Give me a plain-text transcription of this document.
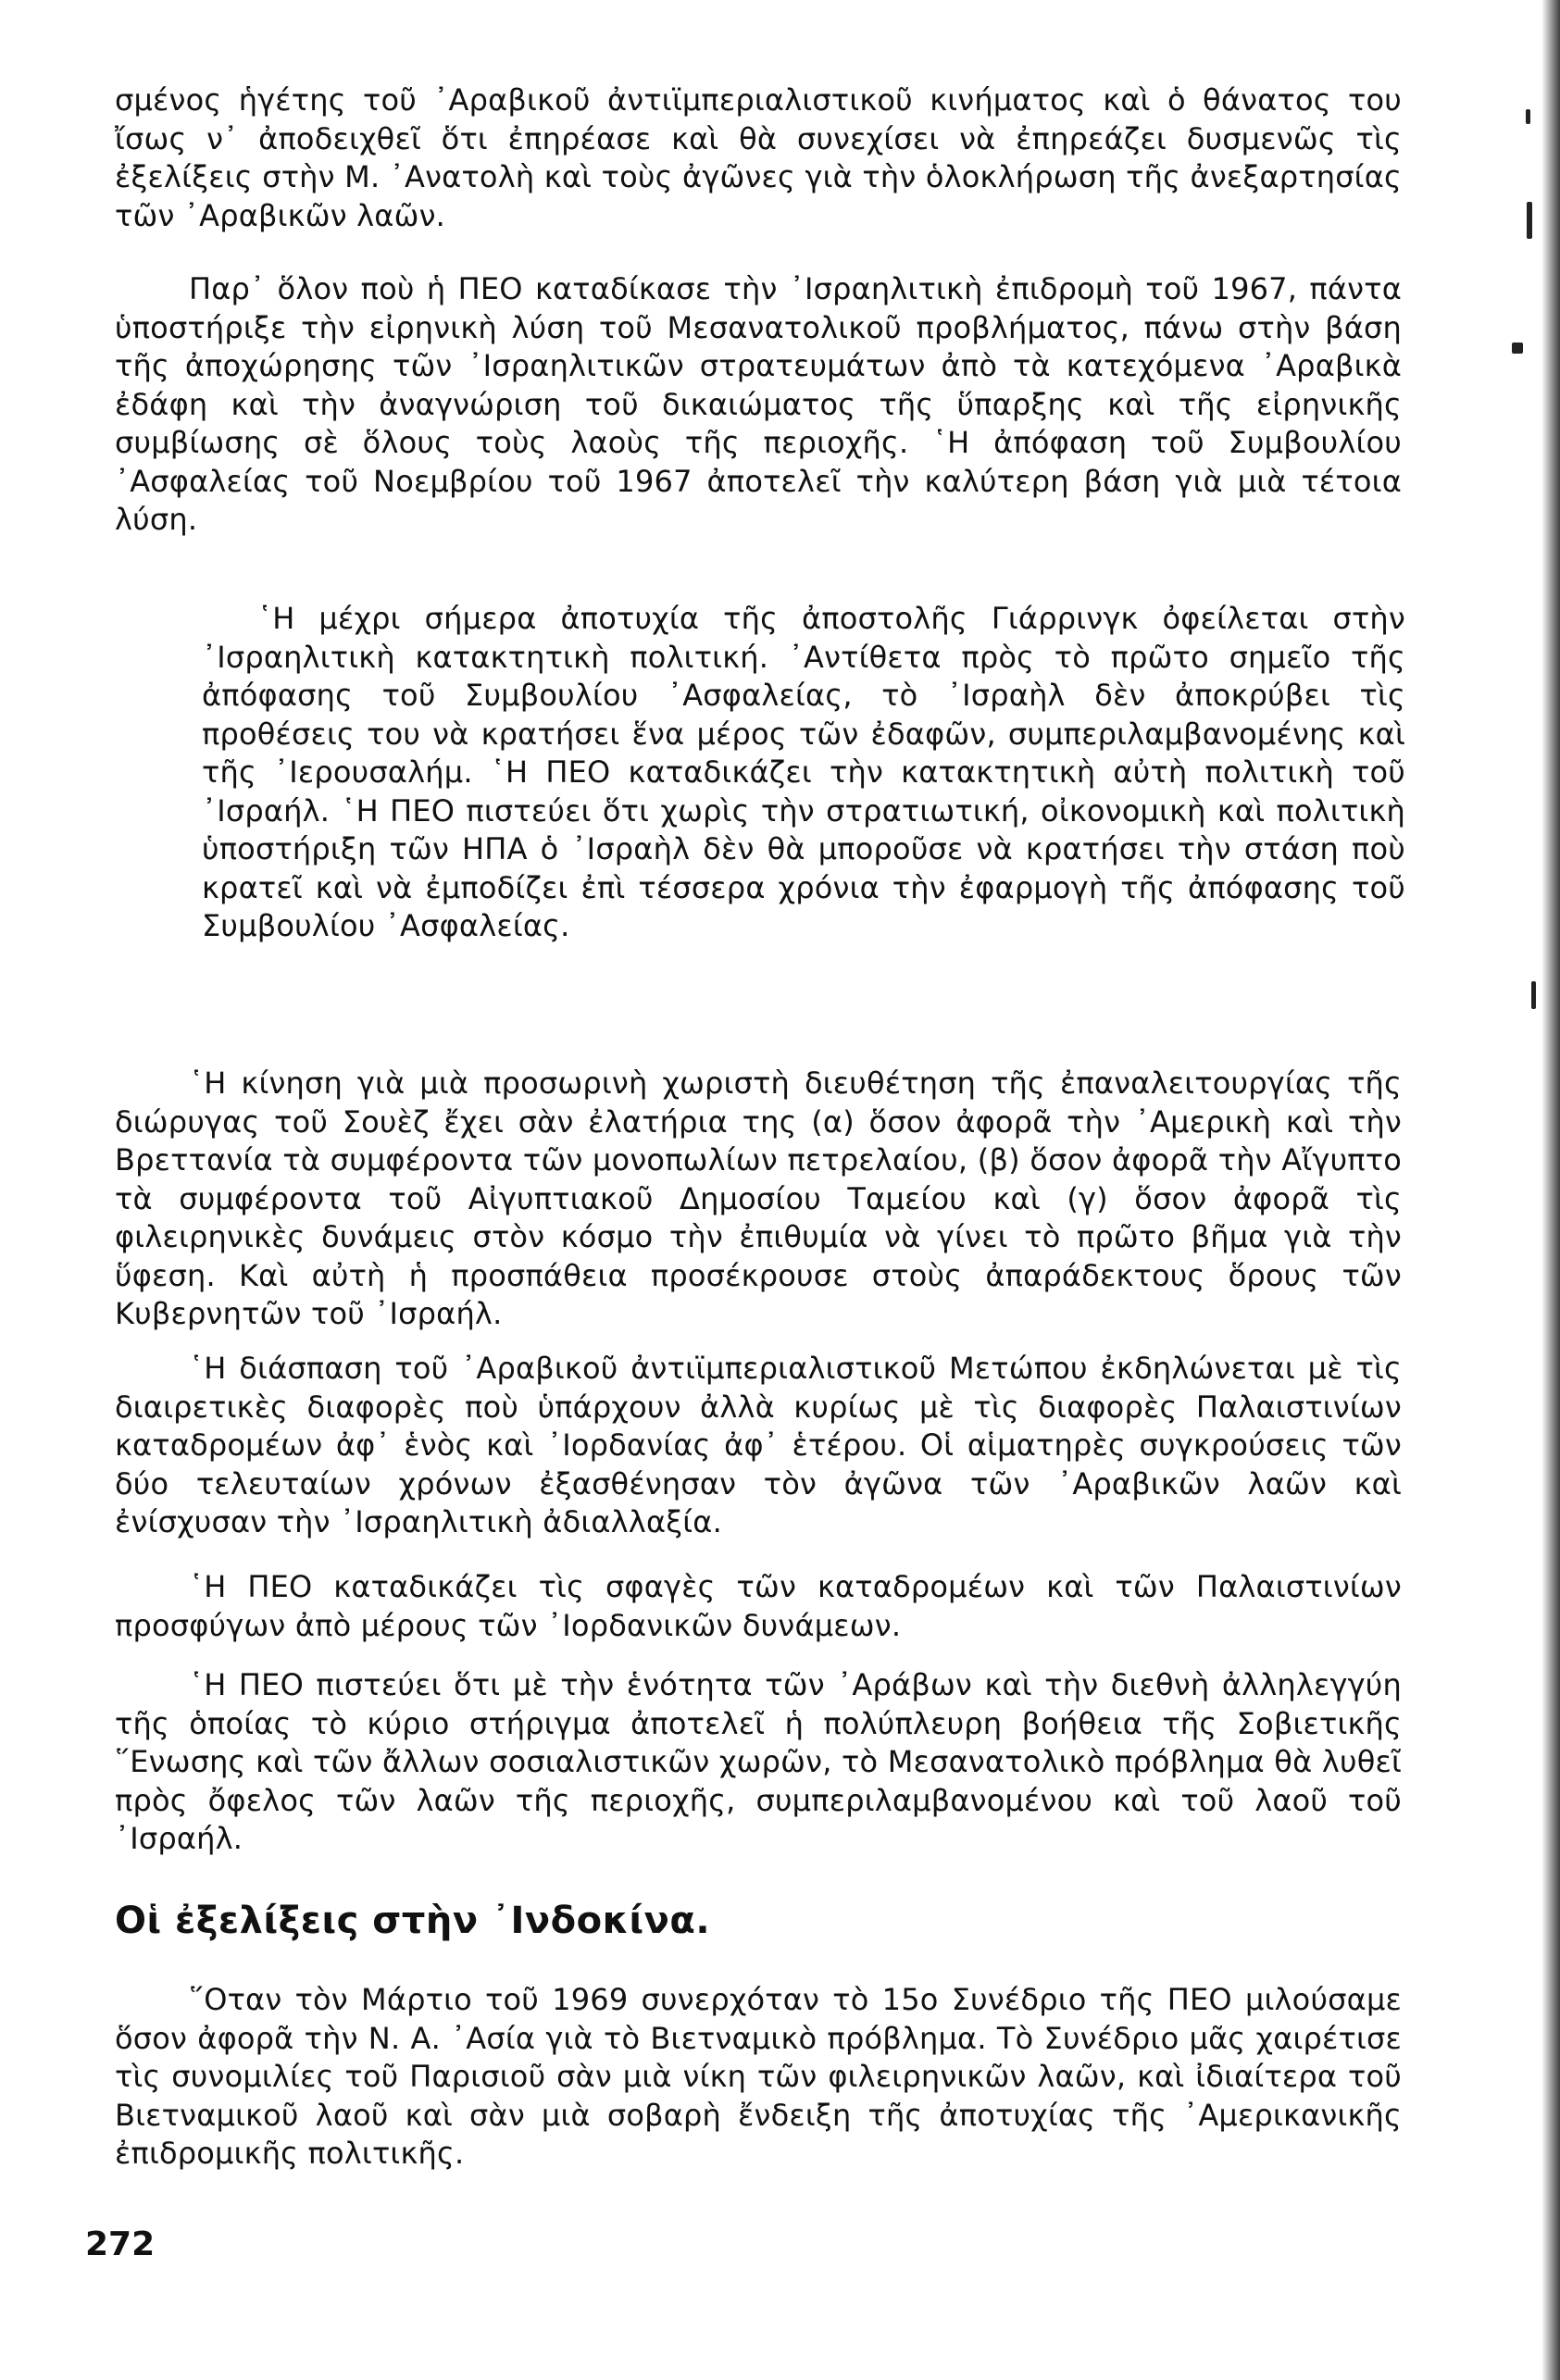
σμένος ἡγέτης τοῦ ᾿Αραβικοῦ ἀντιϊμπεριαλιστικοῦ κινήματος καὶ ὁ θάνατος του ἴσως ν᾿ ἀποδειχθεῖ ὅτι ἐπηρέασε καὶ θὰ συνεχίσει νὰ ἐπηρεάζει δυσμενῶς τὶς ἐξελίξεις στὴν Μ. ᾿Ανατολὴ καὶ τοὺς ἀγῶνες γιὰ τὴν ὁλοκλήρωση τῆς ἀνεξαρτησίας τῶν ᾿Αραβικῶν λαῶν.

Παρ᾿ ὅλον ποὺ ἡ ΠΕΟ καταδίκασε τὴν ᾿Ισραηλιτικὴ ἐπιδρομὴ τοῦ 1967, πάντα ὑποστήριξε τὴν εἰρηνικὴ λύση τοῦ Μεσανατολικοῦ προβλήματος, πάνω στὴν βάση τῆς ἀποχώρησης τῶν ᾿Ισραηλιτικῶν στρατευμάτων ἀπὸ τὰ κατεχόμενα ᾿Αραβικὰ ἐδάφη καὶ τὴν ἀναγνώριση τοῦ δικαιώματος τῆς ὕπαρξης καὶ τῆς εἰρηνικῆς συμβίωσης σὲ ὅλους τοὺς λαοὺς τῆς περιοχῆς. ῾Η ἀπόφαση τοῦ Συμβουλίου ᾿Ασφαλείας τοῦ Νοεμβρίου τοῦ 1967 ἀποτελεῖ τὴν καλύτερη βάση γιὰ μιὰ τέτοια λύση.

῾Η μέχρι σήμερα ἀποτυχία τῆς ἀποστολῆς Γιάρρινγκ ὀφείλεται στὴν ᾿Ισραηλιτικὴ κατακτητικὴ πολιτική. ᾿Αντίθετα πρὸς τὸ πρῶτο σημεῖο τῆς ἀπόφασης τοῦ Συμβουλίου ᾿Ασφαλείας, τὸ ᾿Ισραὴλ δὲν ἀποκρύβει τὶς προθέσεις του νὰ κρατήσει ἕνα μέρος τῶν ἐδαφῶν, συμπεριλαμβανομένης καὶ τῆς ᾿Ιερουσαλήμ. ῾Η ΠΕΟ καταδικάζει τὴν κατακτητικὴ αὐτὴ πολιτικὴ τοῦ ᾿Ισραήλ. ῾Η ΠΕΟ πιστεύει ὅτι χωρὶς τὴν στρατιωτική, οἰκονομικὴ καὶ πολιτικὴ ὑποστήριξη τῶν ΗΠΑ ὁ ᾿Ισραὴλ δὲν θὰ μποροῦσε νὰ κρατήσει τὴν στάση ποὺ κρατεῖ καὶ νὰ ἐμποδίζει ἐπὶ τέσσερα χρόνια τὴν ἐφαρμογὴ τῆς ἀπόφασης τοῦ Συμβουλίου ᾿Ασφαλείας.

῾Η κίνηση γιὰ μιὰ προσωρινὴ χωριστὴ διευθέτηση τῆς ἐπαναλειτουργίας τῆς διώρυγας τοῦ Σουὲζ ἔχει σὰν ἐλατήρια της (α) ὅσον ἀφορᾶ τὴν ᾿Αμερικὴ καὶ τὴν Βρεττανία τὰ συμφέροντα τῶν μονοπωλίων πετρελαίου, (β) ὅσον ἀφορᾶ τὴν Αἴγυπτο τὰ συμφέροντα τοῦ Αἰγυπτιακοῦ Δημοσίου Ταμείου καὶ (γ) ὅσον ἀφορᾶ τὶς φιλειρηνικὲς δυνάμεις στὸν κόσμο τὴν ἐπιθυμία νὰ γίνει τὸ πρῶτο βῆμα γιὰ τὴν ὕφεση. Καὶ αὐτὴ ἡ προσπάθεια προσέκρουσε στοὺς ἀπαράδεκτους ὅρους τῶν Κυβερνητῶν τοῦ ᾿Ισραήλ.

῾Η διάσπαση τοῦ ᾿Αραβικοῦ ἀντιϊμπεριαλιστικοῦ Μετώπου ἐκδηλώνεται μὲ τὶς διαιρετικὲς διαφορὲς ποὺ ὑπάρχουν ἀλλὰ κυρίως μὲ τὶς διαφορὲς Παλαιστινίων καταδρομέων ἀφ᾿ ἑνὸς καὶ ᾿Ιορδανίας ἀφ᾿ ἑτέρου. Οἱ αἱματηρὲς συγκρούσεις τῶν δύο τελευταίων χρόνων ἐξασθένησαν τὸν ἀγῶνα τῶν ᾿Αραβικῶν λαῶν καὶ ἐνίσχυσαν τὴν ᾿Ισραηλιτικὴ ἀδιαλλαξία.

῾Η ΠΕΟ καταδικάζει τὶς σφαγὲς τῶν καταδρομέων καὶ τῶν Παλαιστινίων προσφύγων ἀπὸ μέρους τῶν ᾿Ιορδανικῶν δυνάμεων.

῾Η ΠΕΟ πιστεύει ὅτι μὲ τὴν ἑνότητα τῶν ᾿Αράβων καὶ τὴν διεθνὴ ἀλληλεγγύη τῆς ὁποίας τὸ κύριο στήριγμα ἀποτελεῖ ἡ πολύπλευρη βοήθεια τῆς Σοβιετικῆς ῞Ενωσης καὶ τῶν ἄλλων σοσιαλιστικῶν χωρῶν, τὸ Μεσανατολικὸ πρόβλημα θὰ λυθεῖ πρὸς ὄφελος τῶν λαῶν τῆς περιοχῆς, συμπεριλαμβανομένου καὶ τοῦ λαοῦ τοῦ ᾿Ισραήλ.

Οἱ ἐξελίξεις στὴν ᾿Ινδοκίνα.

῞Οταν τὸν Μάρτιο τοῦ 1969 συνερχόταν τὸ 15ο Συνέδριο τῆς ΠΕΟ μιλούσαμε ὅσον ἀφορᾶ τὴν Ν. Α. ᾿Ασία γιὰ τὸ Βιετναμικὸ πρόβλημα. Τὸ Συνέδριο μᾶς χαιρέτισε τὶς συνομιλίες τοῦ Παρισιοῦ σὰν μιὰ νίκη τῶν φιλειρηνικῶν λαῶν, καὶ ἰδιαίτερα τοῦ Βιετναμικοῦ λαοῦ καὶ σὰν μιὰ σοβαρὴ ἔνδειξη τῆς ἀποτυχίας τῆς ᾿Αμερικανικῆς ἐπιδρομικῆς πολιτικῆς.

272
